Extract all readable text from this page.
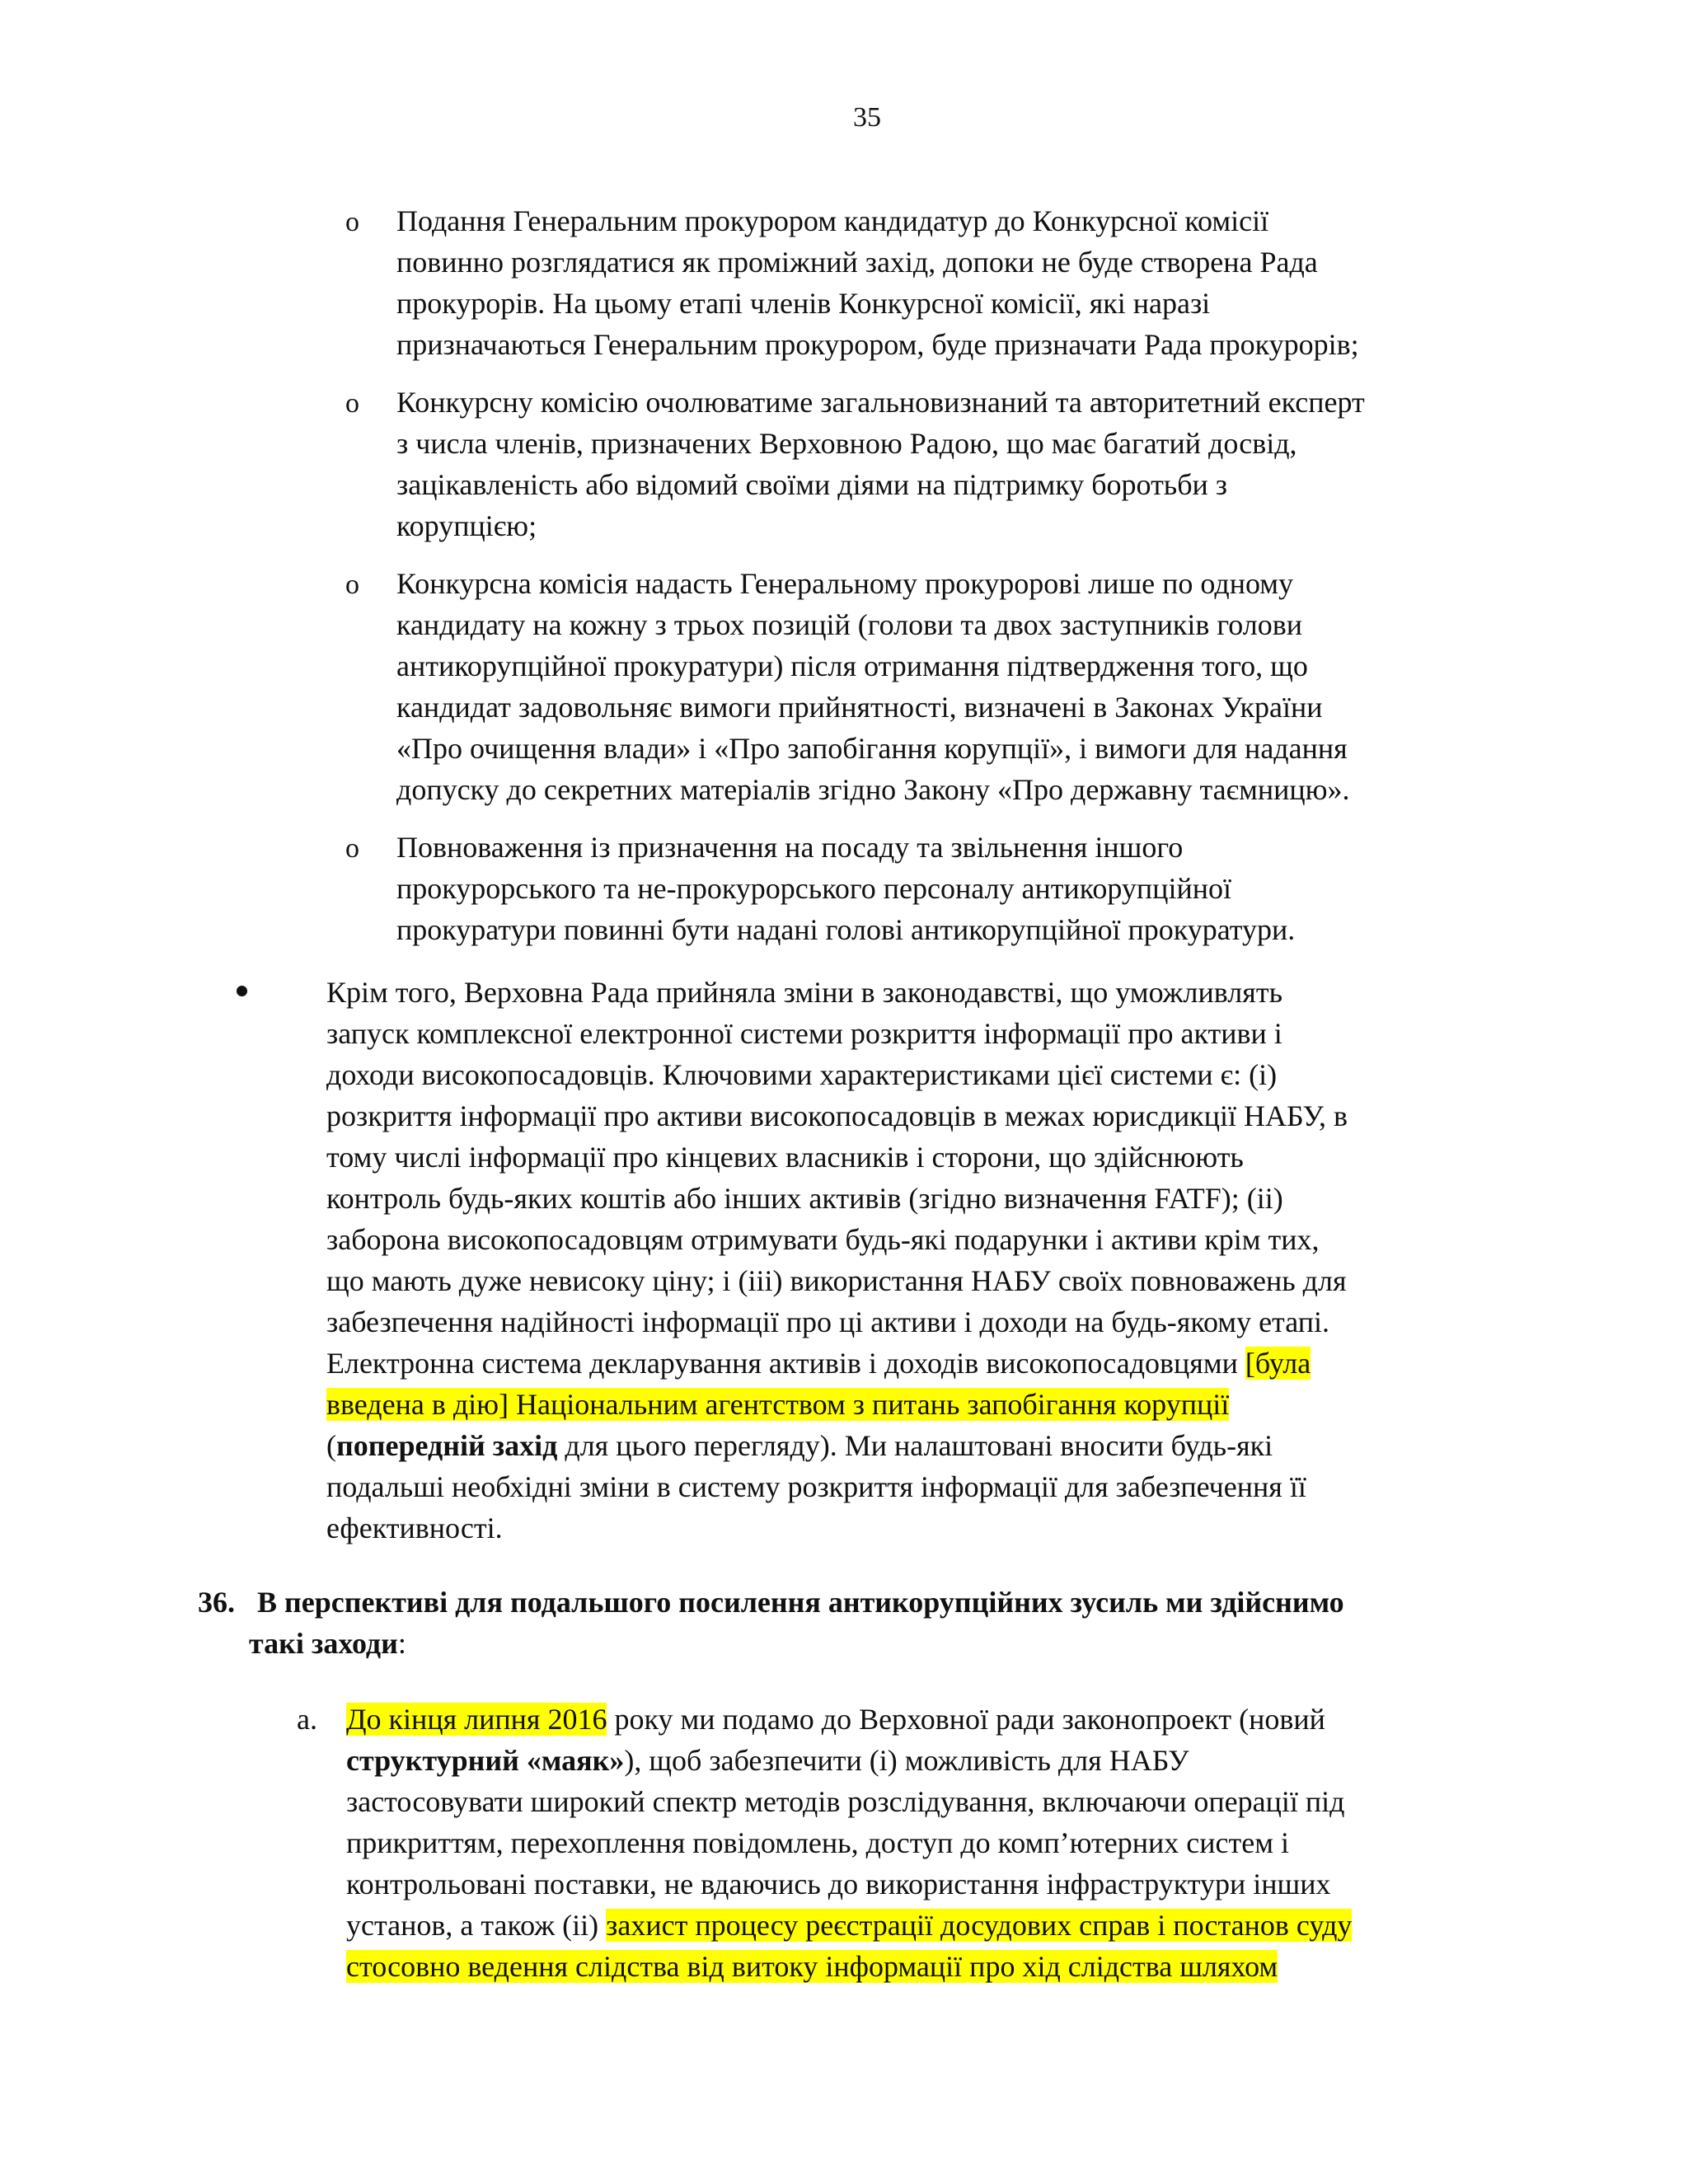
35
o Подання Генеральним прокурором кандидатур до Конкурсної комісії
повинно розглядатися як проміжний захід, допоки не буде створена Рада
прокурорів. На цьому етапі членів Конкурсної комісії, які наразі
призначаються Генеральним прокурором, буде призначати Рада прокурорів;
o Конкурсну комісію очолюватиме загальновизнаний та авторитетний експерт
з числа членів, призначених Верховною Радою, що має багатий досвід,
зацікавленість або відомий своїми діями на підтримку боротьби з
корупцією;
o Конкурсна комісія надасть Генеральному прокуророві лише по одному
кандидату на кожну з трьох позицій (голови та двох заступників голови
антикорупційної прокуратури) після отримання підтвердження того, що
кандидат задовольняє вимоги прийнятності, визначені в Законах України
«Про очищення влади» і «Про запобігання корупції», і вимоги для надання
допуску до секретних матеріалів згідно Закону «Про державну таємницю».
o Повноваження із призначення на посаду та звільнення іншого
прокурорського та не-прокурорського персоналу антикорупційної
прокуратури повинні бути надані голові антикорупційної прокуратури.
Крім того, Верховна Рада прийняла зміни в законодавстві, що уможливлять
запуск комплексної електронної системи розкриття інформації про активи і
доходи високопосадовців. Ключовими характеристиками цієї системи є: (i)
розкриття інформації про активи високопосадовців в межах юрисдикції НАБУ, в
тому числі інформації про кінцевих власників і сторони, що здійснюють
контроль будь-яких коштів або інших активів (згідно визначення FATF); (ii)
заборона високопосадовцям отримувати будь-які подарунки і активи крім тих,
що мають дуже невисоку ціну; і (iii) використання НАБУ своїх повноважень для
забезпечення надійності інформації про ці активи і доходи на будь-якому етапі.
Електронна система декларування активів і доходів високопосадовцями [була
введена в дію] Національним агентством з питань запобігання корупції
(попередній захід для цього перегляду). Ми налаштовані вносити будь-які
подальші необхідні зміни в систему розкриття інформації для забезпечення її
ефективності.
36. В перспективі для подальшого посилення антикорупційних зусиль ми здійснимо
такі заходи:
a. До кінця липня 2016 року ми подамо до Верховної ради законопроект (новий
структурний «маяк»), щоб забезпечити (i) можливість для НАБУ
застосовувати широкий спектр методів розслідування, включаючи операції під
прикриттям, перехоплення повідомлень, доступ до комп’ютерних систем і
контрольовані поставки, не вдаючись до використання інфраструктури інших
установ, а також (ii) захист процесу реєстрації досудових справ і постанов суду
стосовно ведення слідства від витоку інформації про хід слідства шляхом
